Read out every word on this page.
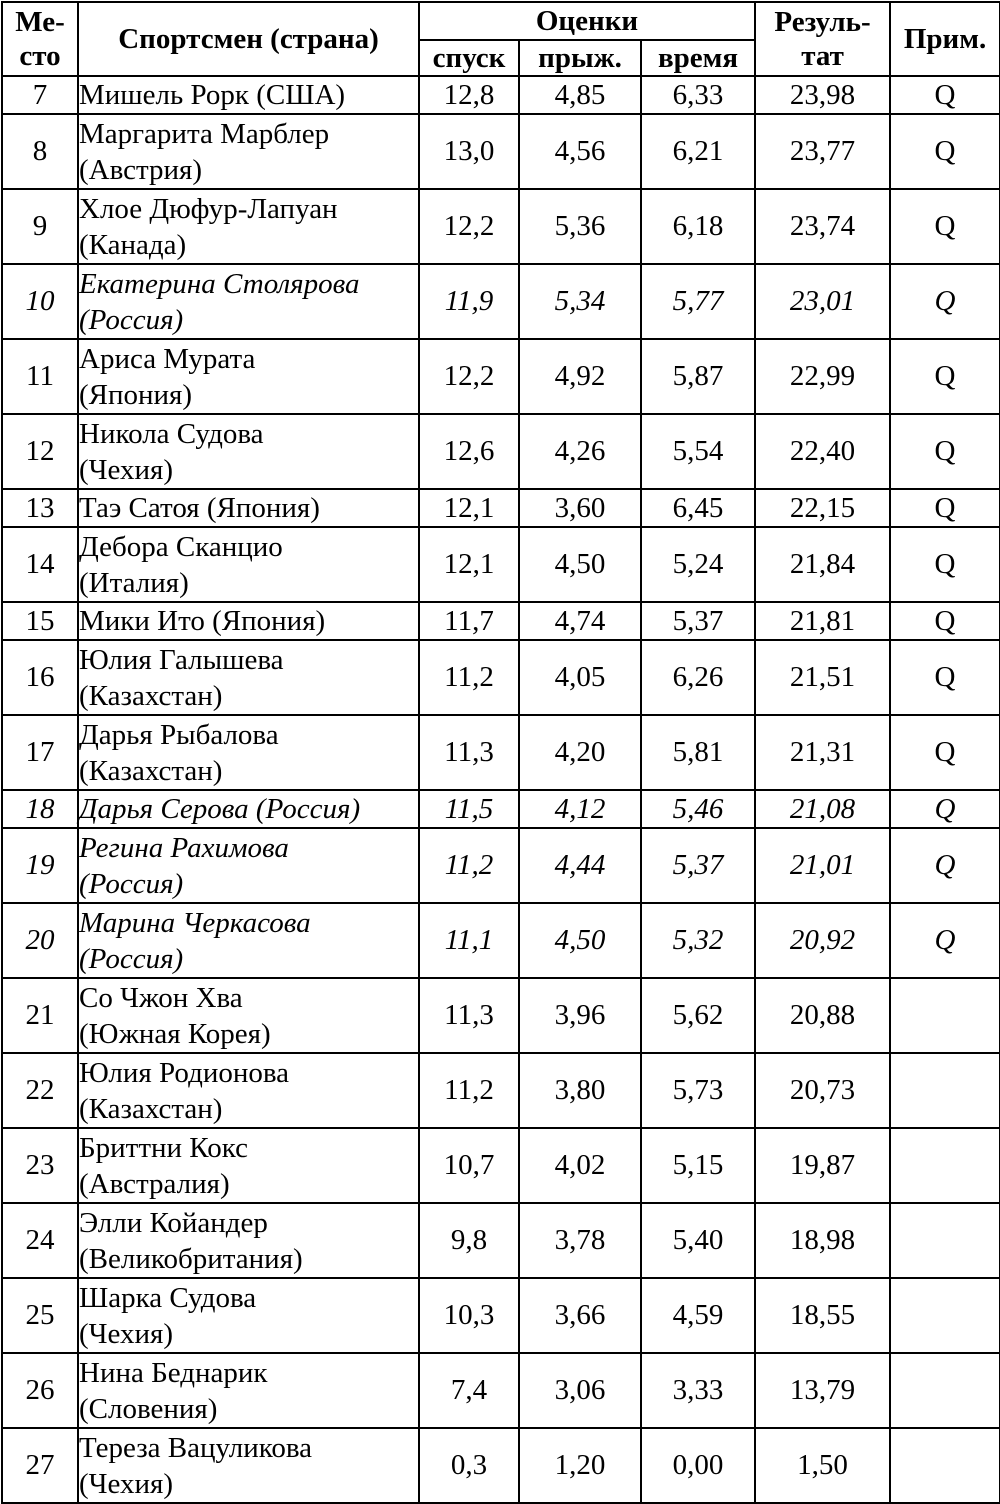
Ме-
сто	Спортсмен (страна)	Оценки			Резуль-
тат	Прим.
		спуск	прыж.	время		
7	Мишель Рорк (США)	12,8	4,85	6,33	23,98	Q
8	Маргарита Марблер
(Австрия)	13,0	4,56	6,21	23,77	Q
9	Хлое Дюфур-Лапуан
(Канада)	12,2	5,36	6,18	23,74	Q
10	Екатерина Столярова
(Россия)	11,9	5,34	5,77	23,01	Q
11	Ариса Мурата
(Япония)	12,2	4,92	5,87	22,99	Q
12	Никола Судова
(Чехия)	12,6	4,26	5,54	22,40	Q
13	Таэ Сатоя (Япония)	12,1	3,60	6,45	22,15	Q
14	Дебора Сканцио
(Италия)	12,1	4,50	5,24	21,84	Q
15	Мики Ито (Япония)	11,7	4,74	5,37	21,81	Q
16	Юлия Галышева
(Казахстан)	11,2	4,05	6,26	21,51	Q
17	Дарья Рыбалова
(Казахстан)	11,3	4,20	5,81	21,31	Q
18	Дарья Серова (Россия)	11,5	4,12	5,46	21,08	Q
19	Регина Рахимова
(Россия)	11,2	4,44	5,37	21,01	Q
20	Марина Черкасова
(Россия)	11,1	4,50	5,32	20,92	Q
21	Со Чжон Хва
(Южная Корея)	11,3	3,96	5,62	20,88	
22	Юлия Родионова
(Казахстан)	11,2	3,80	5,73	20,73	
23	Бриттни Кокс
(Австралия)	10,7	4,02	5,15	19,87	
24	Элли Койандер
(Великобритания)	9,8	3,78	5,40	18,98	
25	Шарка Судова
(Чехия)	10,3	3,66	4,59	18,55	
26	Нина Беднарик
(Словения)	7,4	3,06	3,33	13,79	
27	Тереза Вацуликова
(Чехия)	0,3	1,20	0,00	1,50	
